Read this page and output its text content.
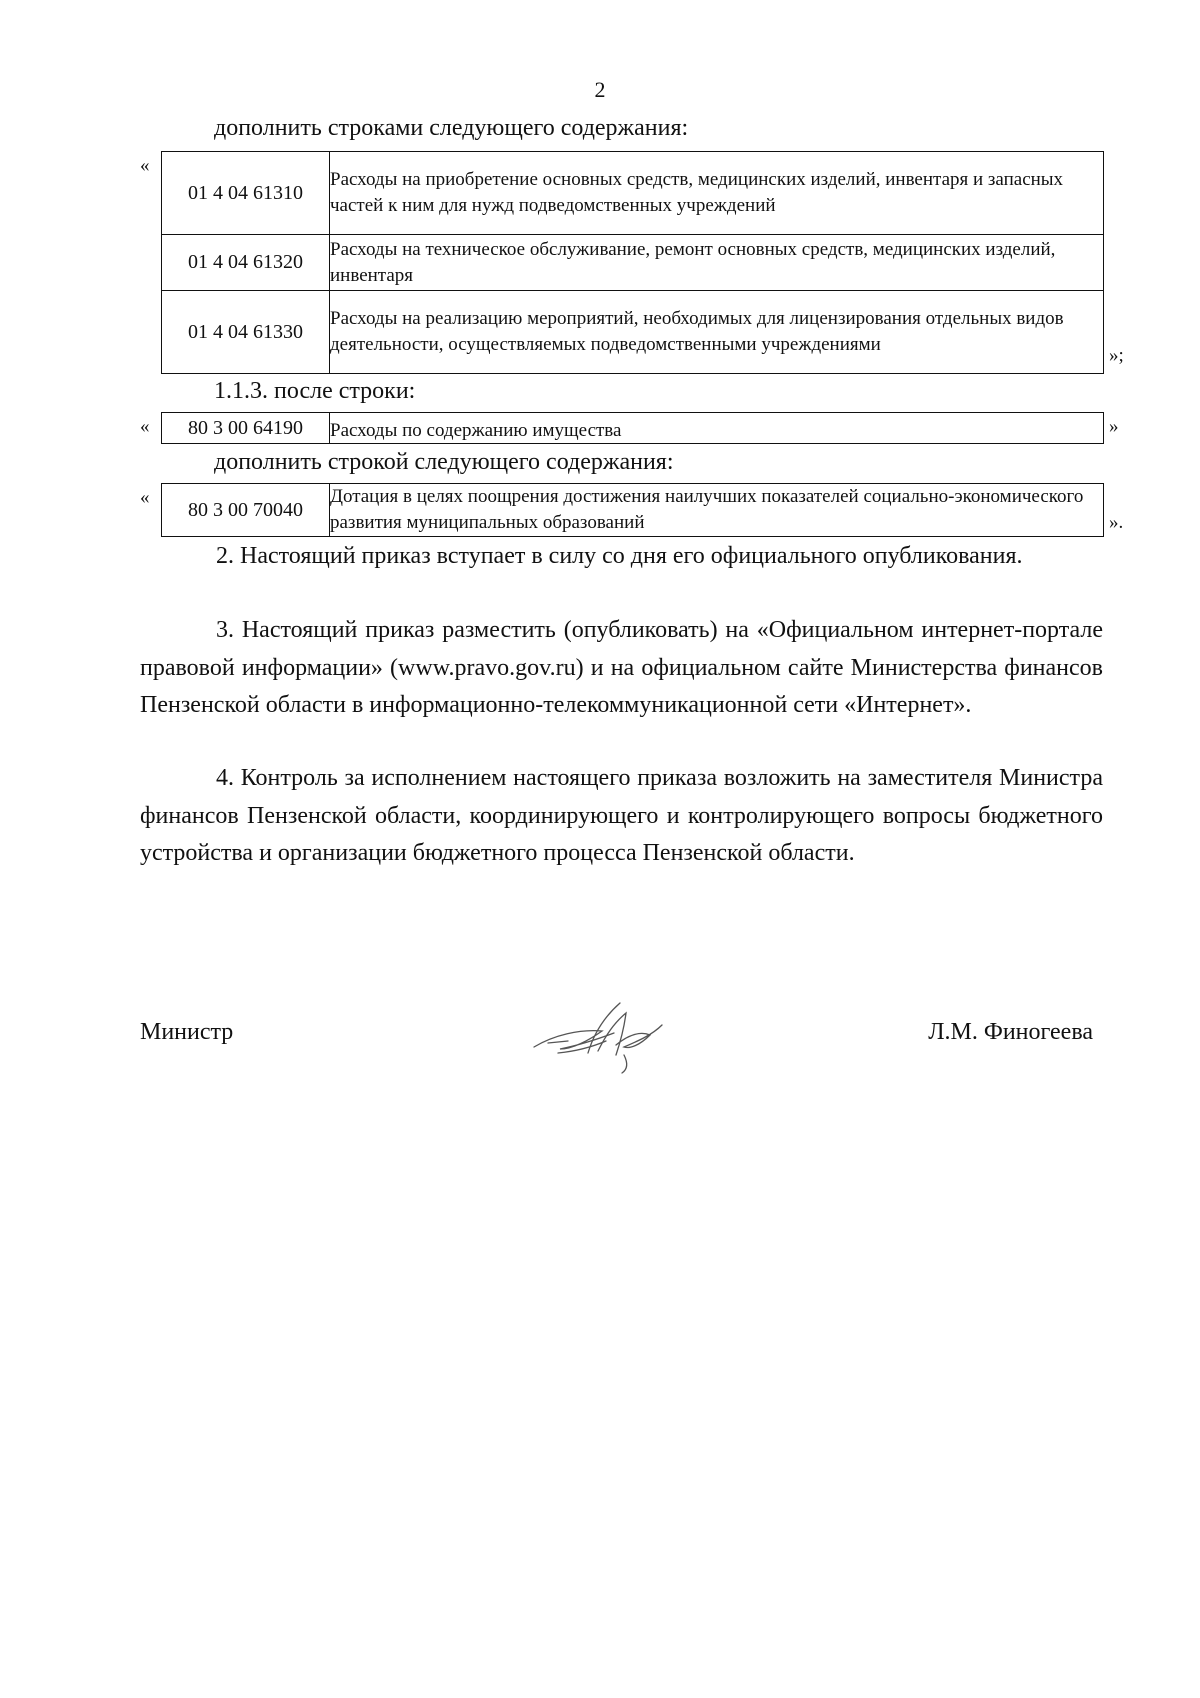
2
дополнить строками следующего содержания:
«
01 4 04 61310	Расходы на приобретение основных средств, медицинских изделий, инвентаря и запасных частей к ним для нужд подведомственных учреждений
01 4 04 61320	Расходы на техническое обслуживание, ремонт основных средств, медицинских изделий, инвентаря
01 4 04 61330	Расходы на реализацию мероприятий, необходимых для лицензирования отдельных видов деятельности, осуществляемых подведомственными учреждениями
»;
1.1.3. после строки:
« 80 3 00 64190	Расходы по содержанию имущества	»
дополнить строкой следующего содержания:
«
80 3 00 70040	Дотация в целях поощрения достижения наилучших показателей социально-экономического развития муниципальных образований	».
2. Настоящий приказ вступает в силу со дня его официального опубликования.
3. Настоящий приказ разместить (опубликовать) на «Официальном интернет-портале правовой информации» (www.pravo.gov.ru) и на официальном сайте Министерства финансов Пензенской области в информационно-телекоммуникационной сети «Интернет».
4. Контроль за исполнением настоящего приказа возложить на заместителя Министра финансов Пензенской области, координирующего и контролирующего вопросы бюджетного устройства и организации бюджетного процесса Пензенской области.
Министр	Л.М. Финогеева
